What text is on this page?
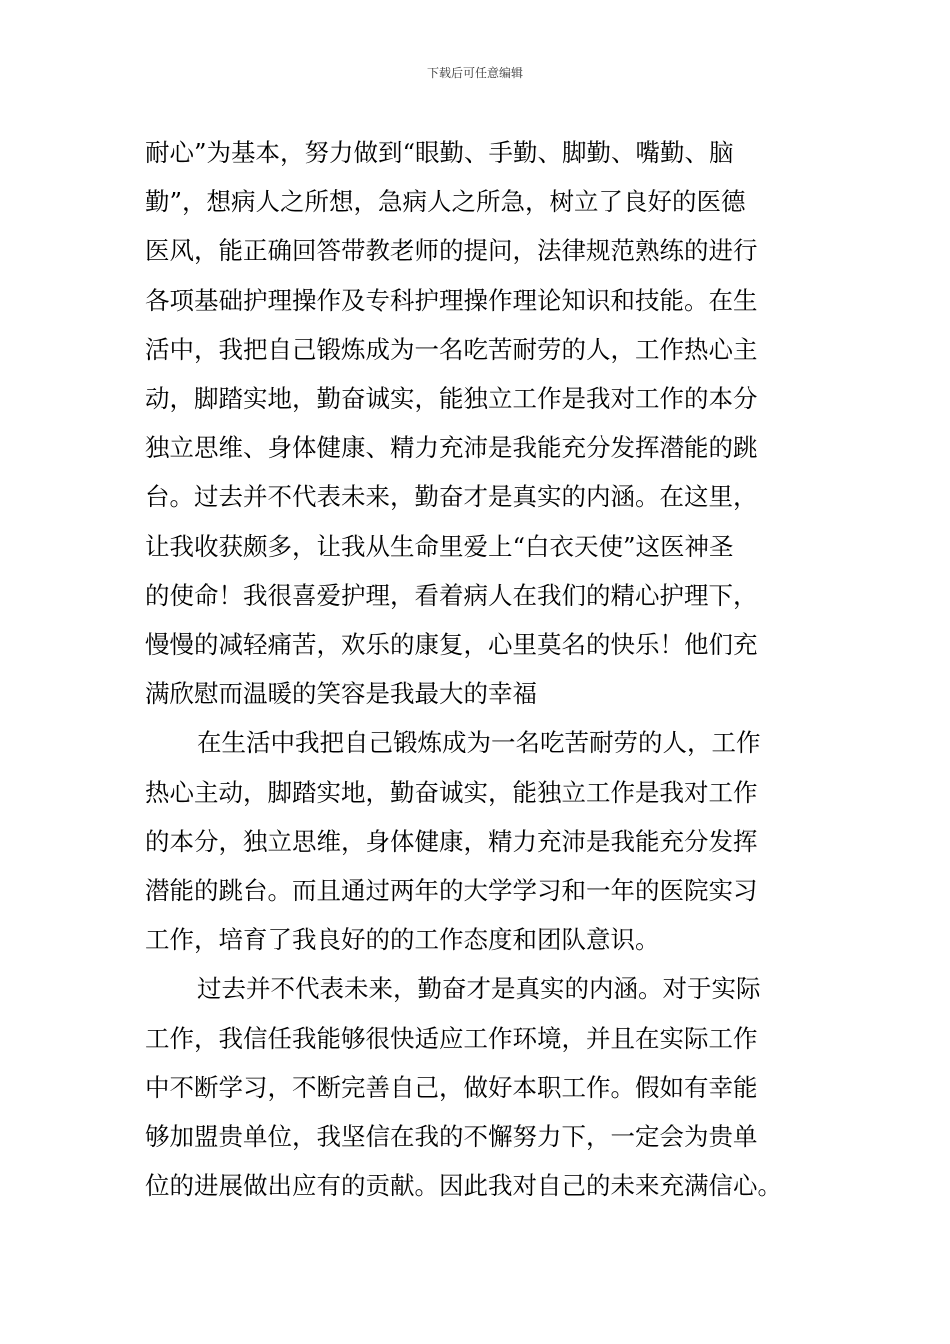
下载后可任意编辑

耐心”为基本，努力做到“眼勤、手勤、脚勤、嘴勤、脑
勤”，想病人之所想，急病人之所急，树立了良好的医德
医风，能正确回答带教老师的提问，法律规范熟练的进行
各项基础护理操作及专科护理操作理论知识和技能。在生
活中，我把自己锻炼成为一名吃苦耐劳的人，工作热心主
动，脚踏实地，勤奋诚实，能独立工作是我对工作的本分
独立思维、身体健康、精力充沛是我能充分发挥潜能的跳
台。过去并不代表未来，勤奋才是真实的内涵。在这里，
让我收获颇多，让我从生命里爱上“白衣天使”这医神圣
的使命！我很喜爱护理，看着病人在我们的精心护理下，
慢慢的减轻痛苦，欢乐的康复，心里莫名的快乐！他们充
满欣慰而温暖的笑容是我最大的幸福

在生活中我把自己锻炼成为一名吃苦耐劳的人，工作
热心主动，脚踏实地，勤奋诚实，能独立工作是我对工作
的本分，独立思维，身体健康，精力充沛是我能充分发挥
潜能的跳台。而且通过两年的大学学习和一年的医院实习
工作，培育了我良好的的工作态度和团队意识。

过去并不代表未来，勤奋才是真实的内涵。对于实际
工作，我信任我能够很快适应工作环境，并且在实际工作
中不断学习，不断完善自己，做好本职工作。假如有幸能
够加盟贵单位，我坚信在我的不懈努力下，一定会为贵单
位的进展做出应有的贡献。因此我对自己的未来充满信心。
